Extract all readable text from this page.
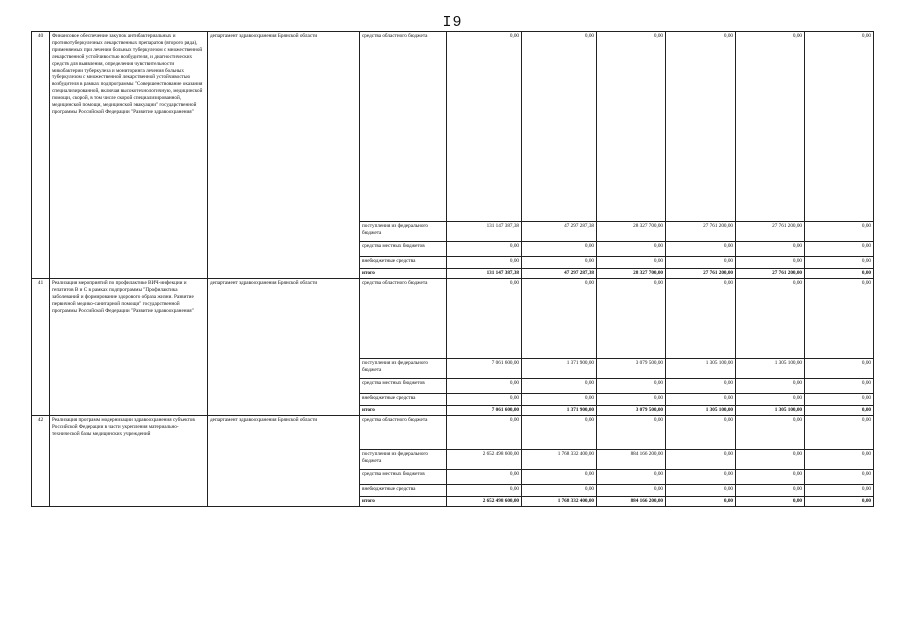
I9
40	Финансовое обеспечение закупок антибактериальных и противотуберкулезных лекарственных препаратов (второго ряда), применяемых при лечении больных туберкулезом с множественной лекарственной устойчивостью возбудителя, и диагностических средств для выявления, определения чувствительности микобактерии туберкулеза и мониторинга лечения больных туберкулезом с множественной лекарственной устойчивостью возбудителя в рамках подпрограммы "Совершенствование оказания специализированной, включая высокотехнологичную, медицинской помощи, скорой, в том числе скорой специализированной, медицинской помощи, медицинской эвакуации" государственной программы Российской Федерации "Развитие здравоохранения"	департамент здравоохранения Брянской области	средства областного бюджета	0,00	0,00	0,00	0,00	0,00	0,00
			поступления из федерального бюджета	131 147 387,38	47 297 287,38	28 327 700,00	27 761 200,00	27 761 200,00	0,00
			средства местных бюджетов	0,00	0,00	0,00	0,00	0,00	0,00
			внебюджетные средства	0,00	0,00	0,00	0,00	0,00	0,00
			итого	131 147 387,38	47 297 287,38	28 327 700,00	27 761 200,00	27 761 200,00	0,00
41	Реализация мероприятий по профилактике ВИЧ-инфекции и гепатитов В и С в рамках подпрограммы "Профилактика заболеваний и формирование здорового образа жизни. Развитие первичной медико-санитарной помощи" государственной программы Российской Федерации "Развитие здравоохранения"	департамент здравоохранения Брянской области	средства областного бюджета	0,00	0,00	0,00	0,00	0,00	0,00
			поступления из федерального бюджета	7 061 600,00	1 371 900,00	3 079 500,00	1 305 100,00	1 305 100,00	0,00
			средства местных бюджетов	0,00	0,00	0,00	0,00	0,00	0,00
			внебюджетные средства	0,00	0,00	0,00	0,00	0,00	0,00
			итого	7 061 600,00	1 371 900,00	3 079 500,00	1 305 100,00	1 305 100,00	0,00
42	Реализация программ модернизации здравоохранения субъектов Российской Федерации в части укрепления материально-технической базы медицинских учреждений	департамент здравоохранения Брянской области	средства областного бюджета	0,00	0,00	0,00	0,00	0,00	0,00
			поступления из федерального бюджета	2 652 498 600,00	1 768 332 400,00	884 166 200,00	0,00	0,00	0,00
			средства местных бюджетов	0,00	0,00	0,00	0,00	0,00	0,00
			внебюджетные средства	0,00	0,00	0,00	0,00	0,00	0,00
			итого	2 652 498 600,00	1 768 332 400,00	884 166 200,00	0,00	0,00	0,00
